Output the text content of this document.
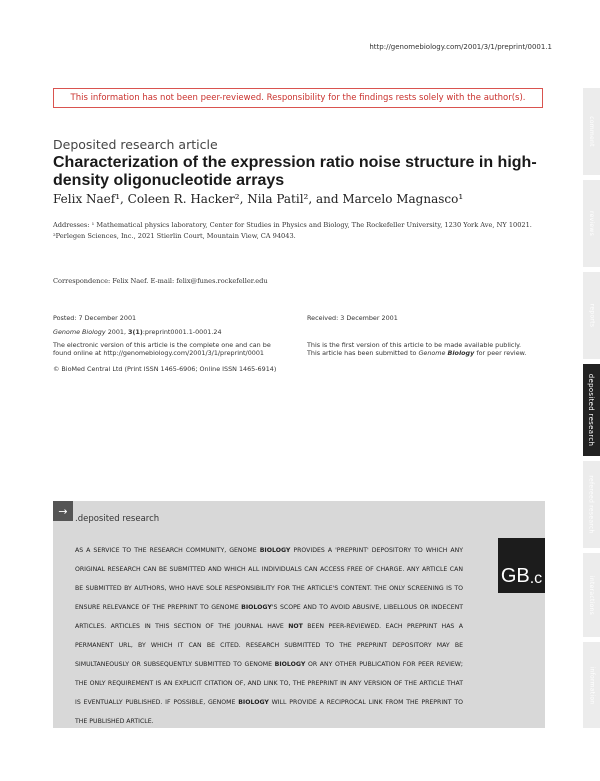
http://genomebiology.com/2001/3/1/preprint/0001.1
This information has not been peer-reviewed. Responsibility for the findings rests solely with the author(s).
Deposited research article
Characterization of the expression ratio noise structure in high-density oligonucleotide arrays
Felix Naef¹, Coleen R. Hacker², Nila Patil², and Marcelo Magnasco¹
Addresses: ¹ Mathematical physics laboratory, Center for Studies in Physics and Biology, The Rockefeller University, 1230 York Ave, NY 10021. ²Perlegen Sciences, Inc., 2021 Stierlin Court, Mountain View, CA 94043.
Correspondence: Felix Naef. E-mail: felix@funes.rockefeller.edu
Posted: 7 December 2001	Received: 3 December 2001
Genome Biology 2001, 3(1):preprint0001.1-0001.24
The electronic version of this article is the complete one and can be found online at http://genomebiology.com/2001/3/1/preprint/0001
This is the first version of this article to be made available publicly.
This article has been submitted to Genome Biology for peer review.
© BioMed Central Ltd (Print ISSN 1465-6906; Online ISSN 1465-6914)
comment
reviews
reports
deposited research
refereed research
interactions
information
→
.deposited research

AS A SERVICE TO THE RESEARCH COMMUNITY, GENOME BIOLOGY PROVIDES A 'PREPRINT' DEPOSITORY TO WHICH ANY ORIGINAL RESEARCH CAN BE SUBMITTED AND WHICH ALL INDIVIDUALS CAN ACCESS FREE OF CHARGE. ANY ARTICLE CAN BE SUBMITTED BY AUTHORS, WHO HAVE SOLE RESPONSIBILITY FOR THE ARTICLE'S CONTENT. THE ONLY SCREENING IS TO ENSURE RELEVANCE OF THE PREPRINT TO GENOME BIOLOGY'S SCOPE AND TO AVOID ABUSIVE, LIBELLOUS OR INDECENT ARTICLES. ARTICLES IN THIS SECTION OF THE JOURNAL HAVE NOT BEEN PEER-REVIEWED. EACH PREPRINT HAS A PERMANENT URL, BY WHICH IT CAN BE CITED. RESEARCH SUBMITTED TO THE PREPRINT DEPOSITORY MAY BE SIMULTANEOUSLY OR SUBSEQUENTLY SUBMITTED TO GENOME BIOLOGY OR ANY OTHER PUBLICATION FOR PEER REVIEW; THE ONLY REQUIREMENT IS AN EXPLICIT CITATION OF, AND LINK TO, THE PREPRINT IN ANY VERSION OF THE ARTICLE THAT IS EVENTUALLY PUBLISHED. IF POSSIBLE, GENOME BIOLOGY WILL PROVIDE A RECIPROCAL LINK FROM THE PREPRINT TO THE PUBLISHED ARTICLE.

GB .c
